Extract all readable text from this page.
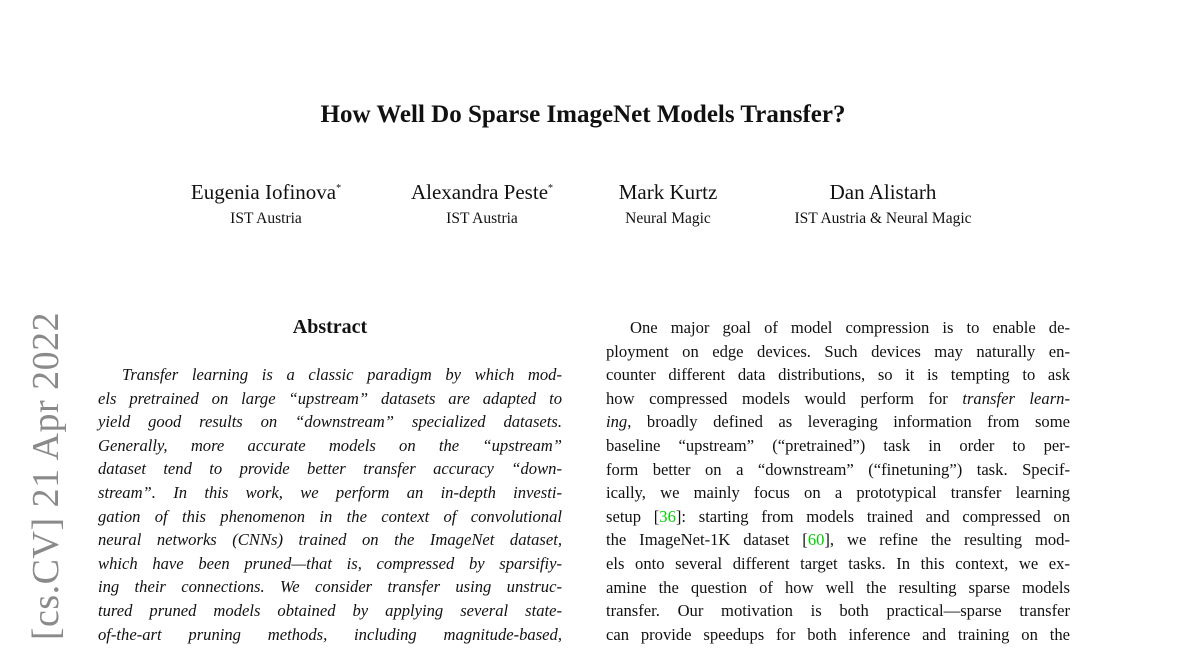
How Well Do Sparse ImageNet Models Transfer?
Eugenia Iofinova*
IST Austria
Alexandra Peste*
IST Austria
Mark Kurtz
Neural Magic
Dan Alistarh
IST Austria & Neural Magic
[cs.CV] 21 Apr 2022	Abstract
Transfer learning is a classic paradigm by which mod-
els pretrained on large “upstream” datasets are adapted to
yield good results on “downstream” specialized datasets.
Generally, more accurate models on the “upstream”
dataset tend to provide better transfer accuracy “down-
stream”. In this work, we perform an in-depth investi-
gation of this phenomenon in the context of convolutional
neural networks (CNNs) trained on the ImageNet dataset,
which have been pruned—that is, compressed by sparsifiy-
ing their connections. We consider transfer using unstruc-
tured pruned models obtained by applying several state-
of-the-art pruning methods, including magnitude-based,
One major goal of model compression is to enable de-
ployment on edge devices. Such devices may naturally en-
counter different data distributions, so it is tempting to ask
how compressed models would perform for transfer learn-
ing, broadly defined as leveraging information from some
baseline “upstream” (“pretrained”) task in order to per-
form better on a “downstream” (“finetuning”) task. Specif-
ically, we mainly focus on a prototypical transfer learning
setup [36]: starting from models trained and compressed on
the ImageNet-1K dataset [60], we refine the resulting mod-
els onto several different target tasks. In this context, we ex-
amine the question of how well the resulting sparse models
transfer. Our motivation is both practical—sparse transfer
can provide speedups for both inference and training on the
